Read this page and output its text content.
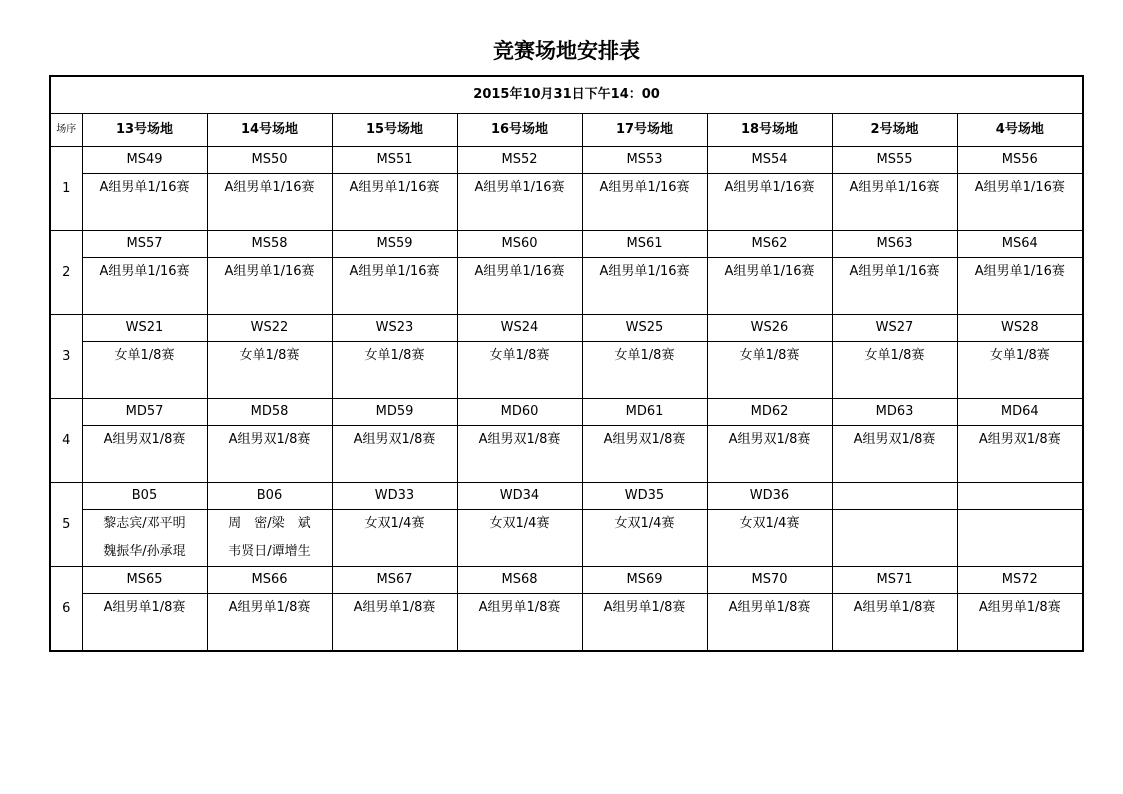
竞赛场地安排表
2015年10月31日下午14：00								
场序	13号场地	14号场地	15号场地	16号场地	17号场地	18号场地	2号场地	4号场地
1	MS49	MS50	MS51	MS52	MS53	MS54	MS55	MS56
	A组男单1/16赛	A组男单1/16赛	A组男单1/16赛	A组男单1/16赛	A组男单1/16赛	A组男单1/16赛	A组男单1/16赛	A组男单1/16赛

2	MS57	MS58	MS59	MS60	MS61	MS62	MS63	MS64
	A组男单1/16赛	A组男单1/16赛	A组男单1/16赛	A组男单1/16赛	A组男单1/16赛	A组男单1/16赛	A组男单1/16赛	A组男单1/16赛

3	WS21	WS22	WS23	WS24	WS25	WS26	WS27	WS28
	女单1/8赛	女单1/8赛	女单1/8赛	女单1/8赛	女单1/8赛	女单1/8赛	女单1/8赛	女单1/8赛

4	MD57	MD58	MD59	MD60	MD61	MD62	MD63	MD64
	A组男双1/8赛	A组男双1/8赛	A组男双1/8赛	A组男双1/8赛	A组男双1/8赛	A组男双1/8赛	A组男双1/8赛	A组男双1/8赛

5	B05	B06	WD33	WD34	WD35	WD36		
	黎志宾/邓平明	周　密/梁　斌	女双1/4赛	女双1/4赛	女双1/4赛	女双1/4赛		
	魏振华/孙承琨	韦贤日/谭增生						
6	MS65	MS66	MS67	MS68	MS69	MS70	MS71	MS72
	A组男单1/8赛	A组男单1/8赛	A组男单1/8赛	A组男单1/8赛	A组男单1/8赛	A组男单1/8赛	A组男单1/8赛	A组男单1/8赛
